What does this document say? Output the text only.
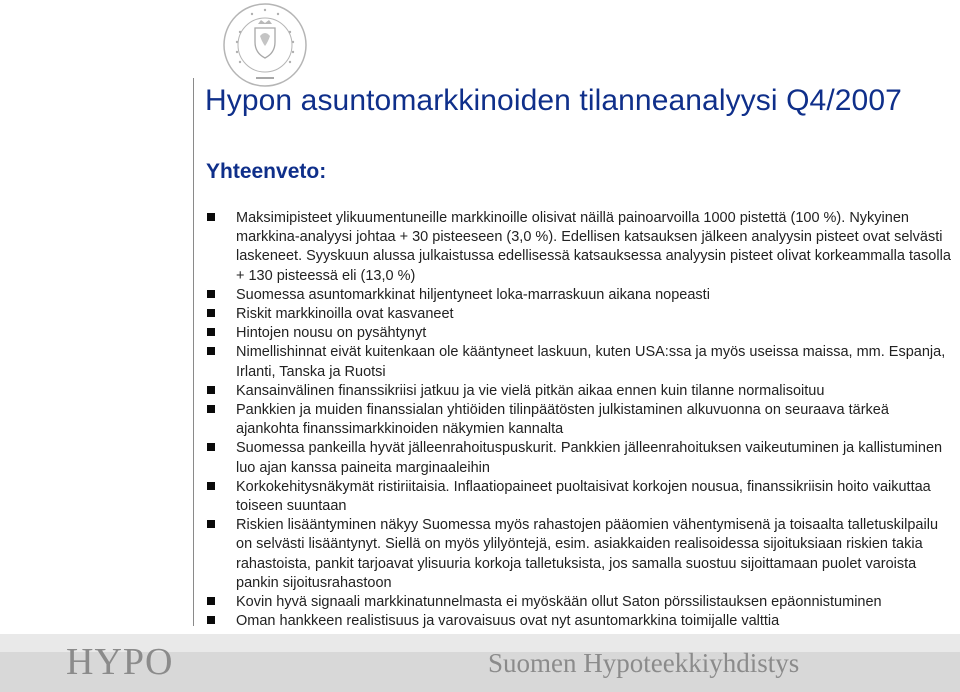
Hypon asuntomarkkinoiden tilanneanalyysi Q4/2007
Yhteenveto:
Maksimipisteet ylikuumentuneille markkinoille olisivat näillä painoarvoilla 1000 pistettä (100 %). Nykyinen markkina-analyysi johtaa + 30 pisteeseen (3,0 %). Edellisen katsauksen jälkeen analyysin pisteet ovat selvästi laskeneet. Syyskuun alussa julkaistussa edellisessä katsauksessa analyysin pisteet olivat korkeammalla tasolla + 130 pisteessä eli (13,0 %)
Suomessa asuntomarkkinat hiljentyneet loka-marraskuun aikana nopeasti
Riskit markkinoilla ovat kasvaneet
Hintojen nousu on pysähtynyt
Nimellishinnat eivät kuitenkaan ole kääntyneet laskuun, kuten USA:ssa ja myös useissa maissa, mm. Espanja, Irlanti, Tanska ja Ruotsi
Kansainvälinen finanssikriisi jatkuu ja vie vielä pitkän aikaa ennen kuin tilanne normalisoituu
Pankkien ja muiden finanssialan yhtiöiden tilinpäätösten julkistaminen alkuvuonna on seuraava tärkeä ajankohta finanssimarkkinoiden näkymien kannalta
Suomessa pankeilla hyvät jälleenrahoituspuskurit. Pankkien jälleenrahoituksen vaikeutuminen ja kallistuminen luo ajan kanssa paineita marginaaleihin
Korkokehitysnäkymät ristiriitaisia. Inflaatiopaineet puoltaisivat korkojen nousua, finanssikriisin hoito vaikuttaa toiseen suuntaan
Riskien lisääntyminen näkyy Suomessa myös rahastojen pääomien vähentymisenä ja toisaalta talletuskilpailu on selvästi lisääntynyt. Siellä on myös ylilyöntejä, esim. asiakkaiden realisoidessa sijoituksiaan riskien takia rahastoista, pankit tarjoavat ylisuuria korkoja talletuksista, jos samalla suostuu sijoittamaan puolet varoista pankin sijoitusrahastoon
Kovin hyvä signaali markkinatunnelmasta ei myöskään ollut Saton pörssilistauksen epäonnistuminen
Oman hankkeen realistisuus ja varovaisuus ovat nyt asuntomarkkina toimijalle valttia
HYPO	Suomen Hypoteekkiyhdistys
